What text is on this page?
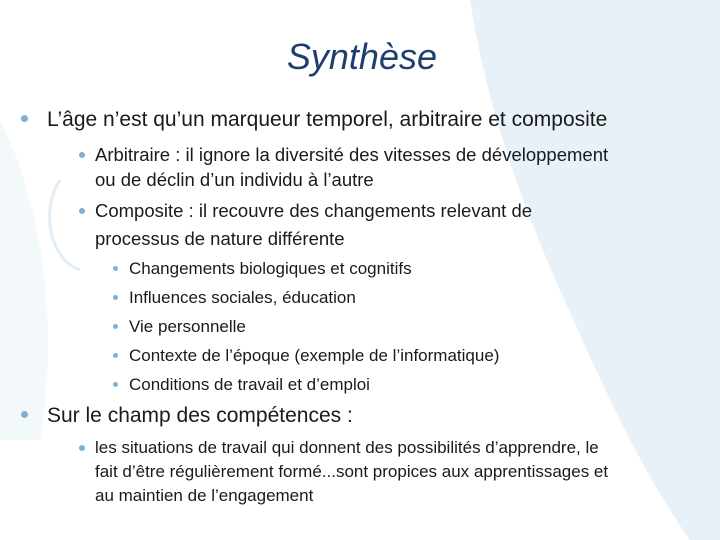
Synthèse
L’âge n’est qu’un marqueur temporel, arbitraire et composite
Arbitraire : il ignore la diversité des vitesses de développement
ou de déclin d’un individu à l’autre
Composite : il recouvre des changements relevant de
processus de nature différente
Changements biologiques et cognitifs
Influences sociales, éducation
Vie personnelle
Contexte de l’époque (exemple de l’informatique)
Conditions de travail et d’emploi
Sur le champ des compétences :
les situations de travail qui donnent des possibilités d’apprendre, le
fait d’être régulièrement formé...sont propices aux apprentissages et
au maintien de l’engagement
